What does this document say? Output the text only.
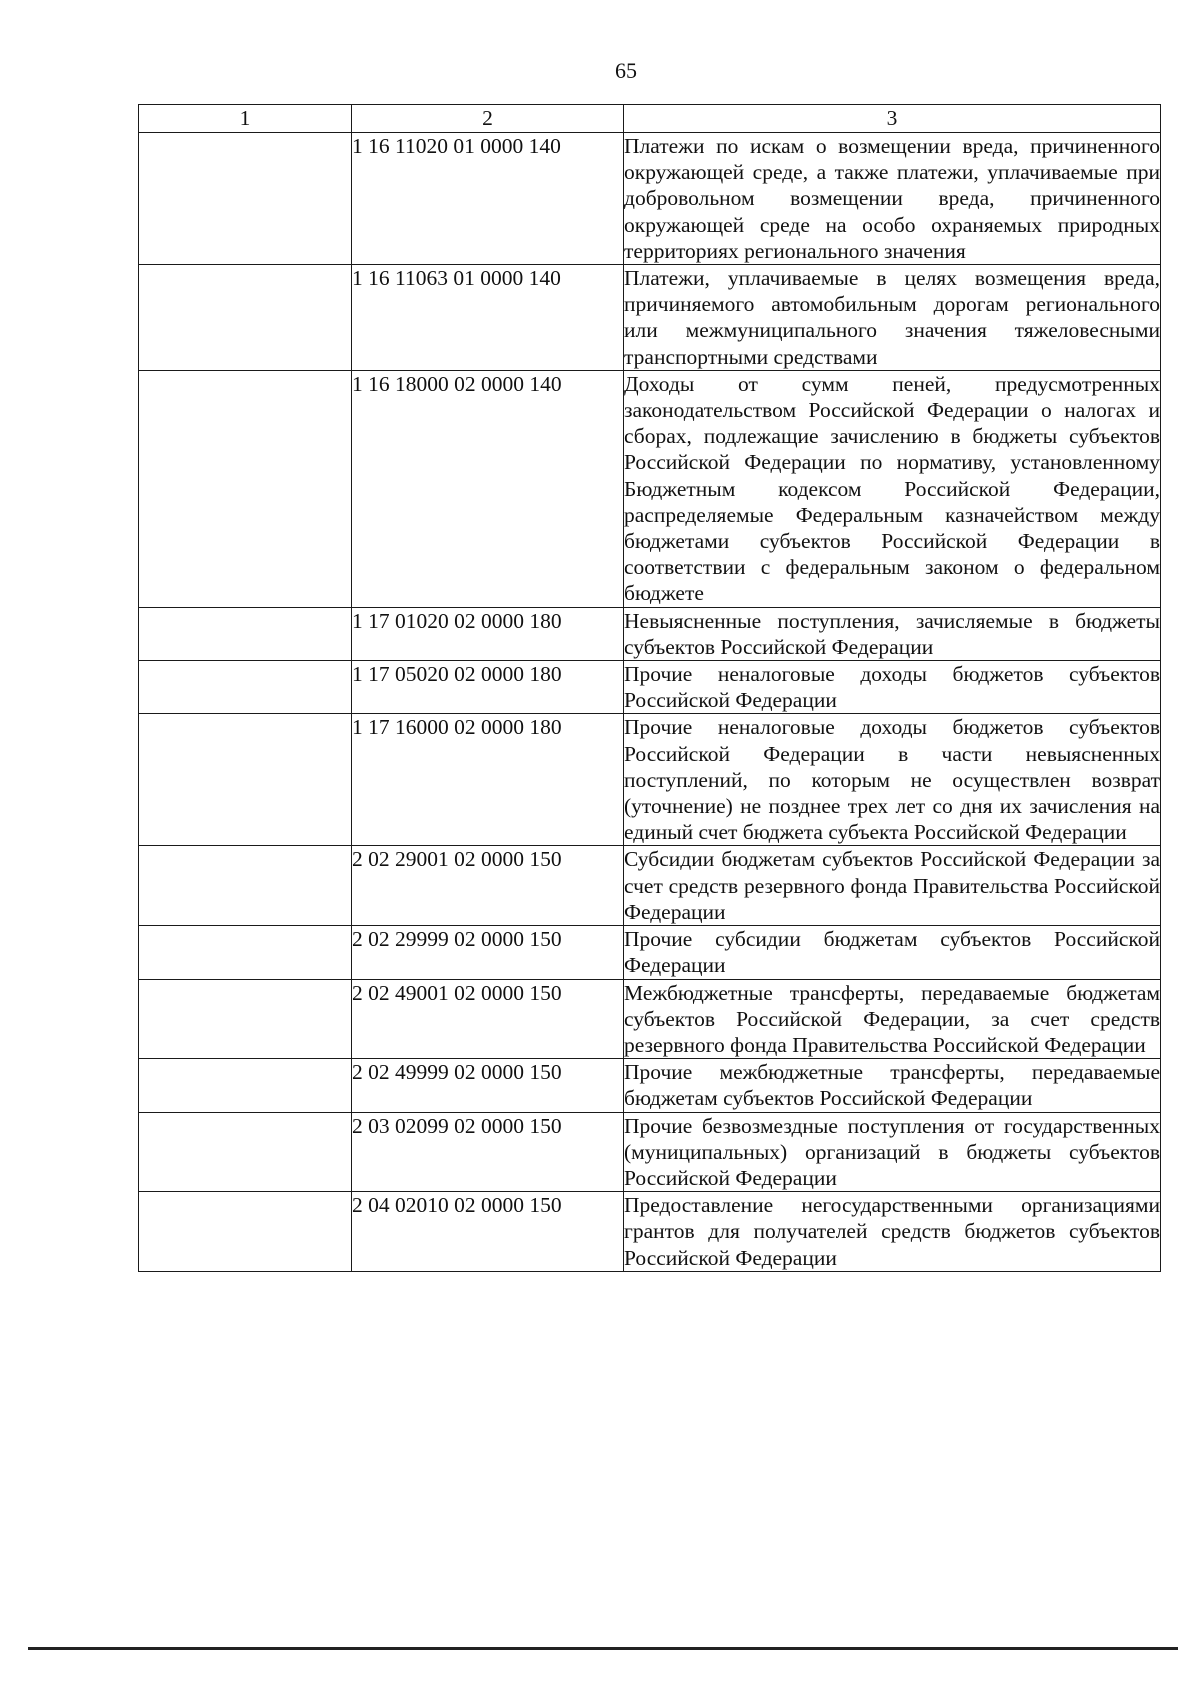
65
1	2	3
	1 16 11020 01 0000 140	Платежи по искам о возмещении вреда, причиненного окружающей среде, а также платежи, уплачиваемые при добровольном возмещении вреда, причиненного окружающей среде на особо охраняемых природных территориях регионального значения
	1 16 11063 01 0000 140	Платежи, уплачиваемые в целях возмещения вреда, причиняемого автомобильным дорогам регионального или межмуниципального значения тяжеловесными транспортными средствами
	1 16 18000 02 0000 140	Доходы от сумм пеней, предусмотренных законодательством Российской Федерации о налогах и сборах, подлежащие зачислению в бюджеты субъектов Российской Федерации по нормативу, установленному Бюджетным кодексом Российской Федерации, распределяемые Федеральным казначейством между бюджетами субъектов Российской Федерации в соответствии с федеральным законом о федеральном бюджете
	1 17 01020 02 0000 180	Невыясненные поступления, зачисляемые в бюджеты субъектов Российской Федерации
	1 17 05020 02 0000 180	Прочие неналоговые доходы бюджетов субъектов Российской Федерации
	1 17 16000 02 0000 180	Прочие неналоговые доходы бюджетов субъектов Российской Федерации в части невыясненных поступлений, по которым не осуществлен возврат (уточнение) не позднее трех лет со дня их зачисления на единый счет бюджета субъекта Российской Федерации
	2 02 29001 02 0000 150	Субсидии бюджетам субъектов Российской Федерации за счет средств резервного фонда Правительства Российской Федерации
	2 02 29999 02 0000 150	Прочие субсидии бюджетам субъектов Российской Федерации
	2 02 49001 02 0000 150	Межбюджетные трансферты, передаваемые бюджетам субъектов Российской Федерации, за счет средств резервного фонда Правительства Российской Федерации
	2 02 49999 02 0000 150	Прочие межбюджетные трансферты, передаваемые бюджетам субъектов Российской Федерации
	2 03 02099 02 0000 150	Прочие безвозмездные поступления от государственных (муниципальных) организаций в бюджеты субъектов Российской Федерации
	2 04 02010 02 0000 150	Предоставление негосударственными организациями грантов для получателей средств бюджетов субъектов Российской Федерации
